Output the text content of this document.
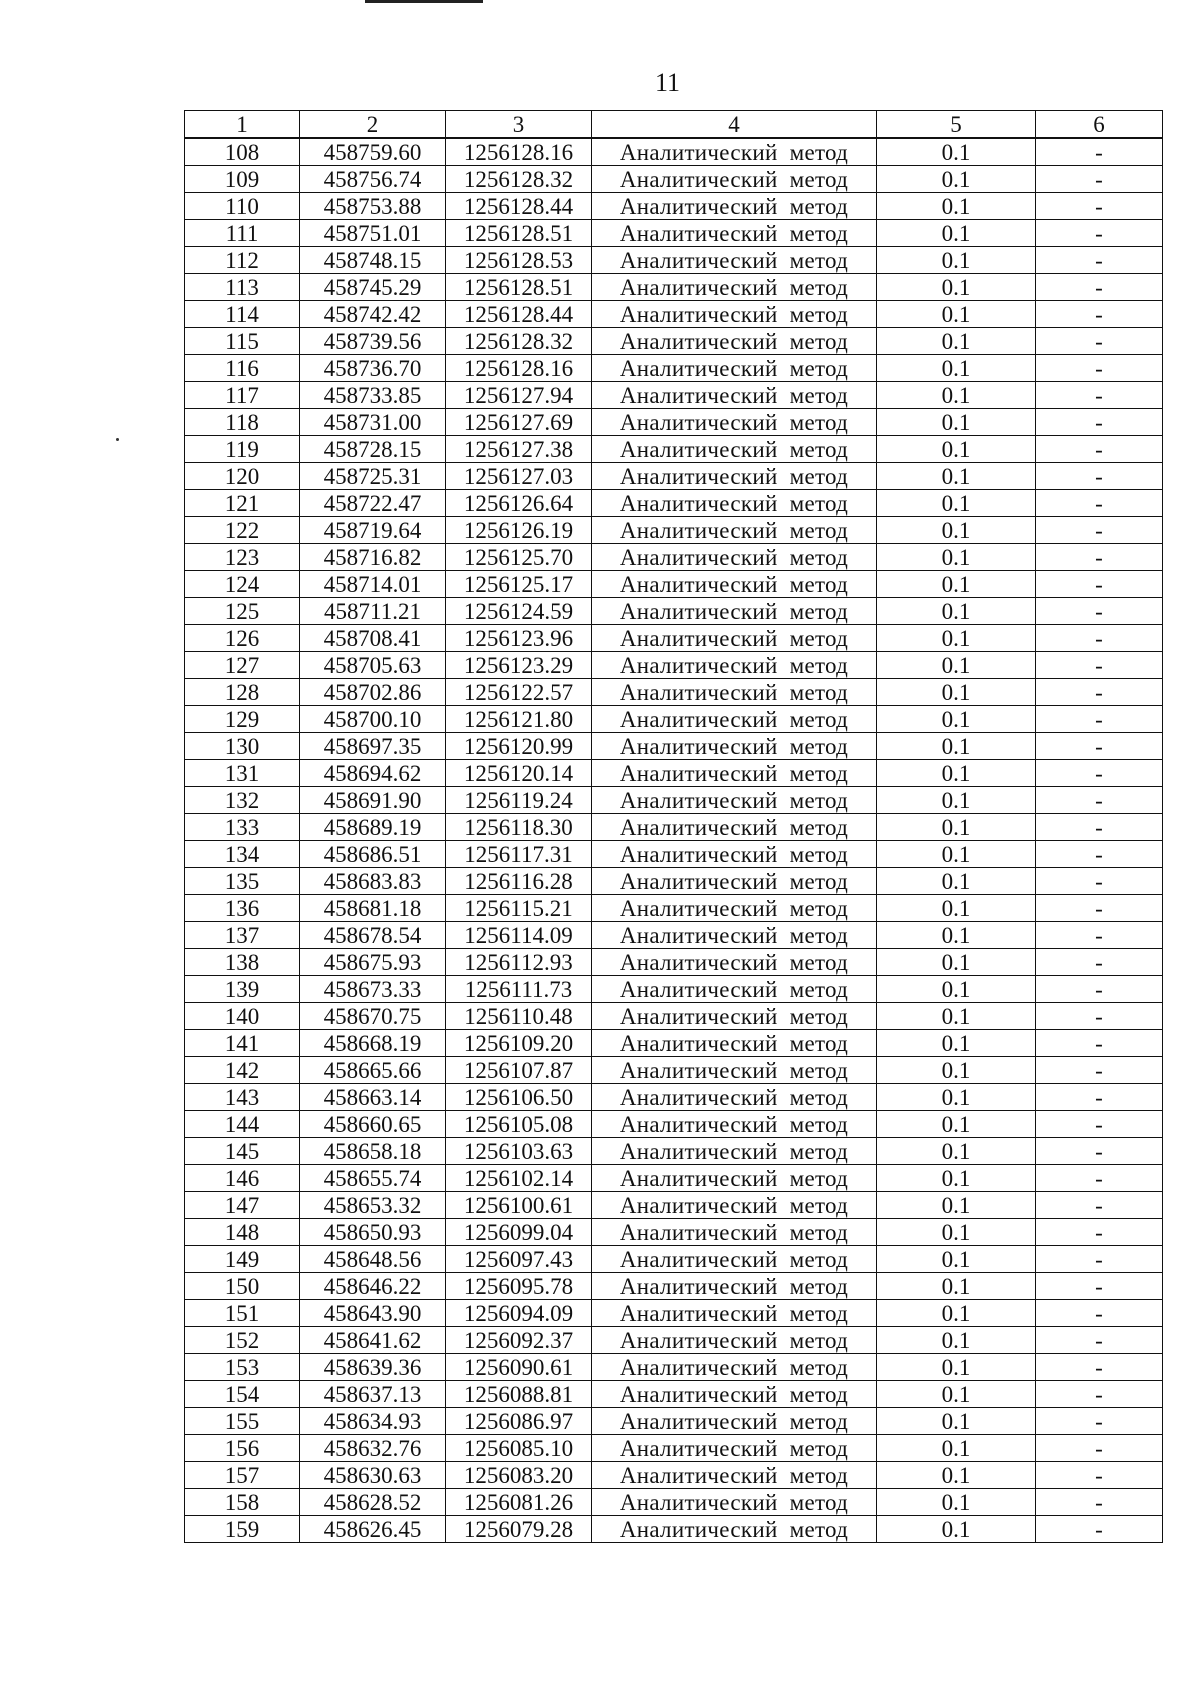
11
1	2	3	4	5	6
108	458759.60	1256128.16	Аналитический метод	0.1	-
109	458756.74	1256128.32	Аналитический метод	0.1	-
110	458753.88	1256128.44	Аналитический метод	0.1	-
111	458751.01	1256128.51	Аналитический метод	0.1	-
112	458748.15	1256128.53	Аналитический метод	0.1	-
113	458745.29	1256128.51	Аналитический метод	0.1	-
114	458742.42	1256128.44	Аналитический метод	0.1	-
115	458739.56	1256128.32	Аналитический метод	0.1	-
116	458736.70	1256128.16	Аналитический метод	0.1	-
117	458733.85	1256127.94	Аналитический метод	0.1	-
118	458731.00	1256127.69	Аналитический метод	0.1	-
119	458728.15	1256127.38	Аналитический метод	0.1	-
120	458725.31	1256127.03	Аналитический метод	0.1	-
121	458722.47	1256126.64	Аналитический метод	0.1	-
122	458719.64	1256126.19	Аналитический метод	0.1	-
123	458716.82	1256125.70	Аналитический метод	0.1	-
124	458714.01	1256125.17	Аналитический метод	0.1	-
125	458711.21	1256124.59	Аналитический метод	0.1	-
126	458708.41	1256123.96	Аналитический метод	0.1	-
127	458705.63	1256123.29	Аналитический метод	0.1	-
128	458702.86	1256122.57	Аналитический метод	0.1	-
129	458700.10	1256121.80	Аналитический метод	0.1	-
130	458697.35	1256120.99	Аналитический метод	0.1	-
131	458694.62	1256120.14	Аналитический метод	0.1	-
132	458691.90	1256119.24	Аналитический метод	0.1	-
133	458689.19	1256118.30	Аналитический метод	0.1	-
134	458686.51	1256117.31	Аналитический метод	0.1	-
135	458683.83	1256116.28	Аналитический метод	0.1	-
136	458681.18	1256115.21	Аналитический метод	0.1	-
137	458678.54	1256114.09	Аналитический метод	0.1	-
138	458675.93	1256112.93	Аналитический метод	0.1	-
139	458673.33	1256111.73	Аналитический метод	0.1	-
140	458670.75	1256110.48	Аналитический метод	0.1	-
141	458668.19	1256109.20	Аналитический метод	0.1	-
142	458665.66	1256107.87	Аналитический метод	0.1	-
143	458663.14	1256106.50	Аналитический метод	0.1	-
144	458660.65	1256105.08	Аналитический метод	0.1	-
145	458658.18	1256103.63	Аналитический метод	0.1	-
146	458655.74	1256102.14	Аналитический метод	0.1	-
147	458653.32	1256100.61	Аналитический метод	0.1	-
148	458650.93	1256099.04	Аналитический метод	0.1	-
149	458648.56	1256097.43	Аналитический метод	0.1	-
150	458646.22	1256095.78	Аналитический метод	0.1	-
151	458643.90	1256094.09	Аналитический метод	0.1	-
152	458641.62	1256092.37	Аналитический метод	0.1	-
153	458639.36	1256090.61	Аналитический метод	0.1	-
154	458637.13	1256088.81	Аналитический метод	0.1	-
155	458634.93	1256086.97	Аналитический метод	0.1	-
156	458632.76	1256085.10	Аналитический метод	0.1	-
157	458630.63	1256083.20	Аналитический метод	0.1	-
158	458628.52	1256081.26	Аналитический метод	0.1	-
159	458626.45	1256079.28	Аналитический метод	0.1	-
